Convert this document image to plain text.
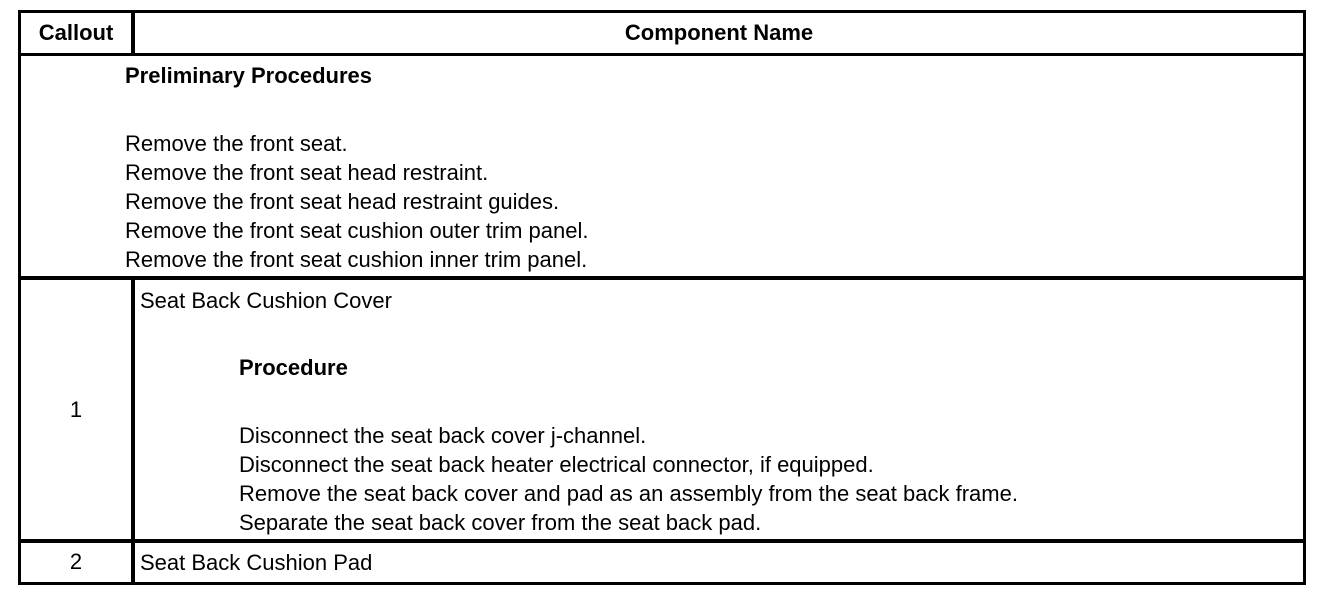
Callout	Component Name
Preliminary Procedures
Remove the front seat.
Remove the front seat head restraint.
Remove the front seat head restraint guides.
Remove the front seat cushion outer trim panel.
Remove the front seat cushion inner trim panel.
1
Seat Back Cushion Cover
Procedure
Disconnect the seat back cover j-channel.
Disconnect the seat back heater electrical connector, if equipped.
Remove the seat back cover and pad as an assembly from the seat back frame.
Separate the seat back cover from the seat back pad.
2	Seat Back Cushion Pad
